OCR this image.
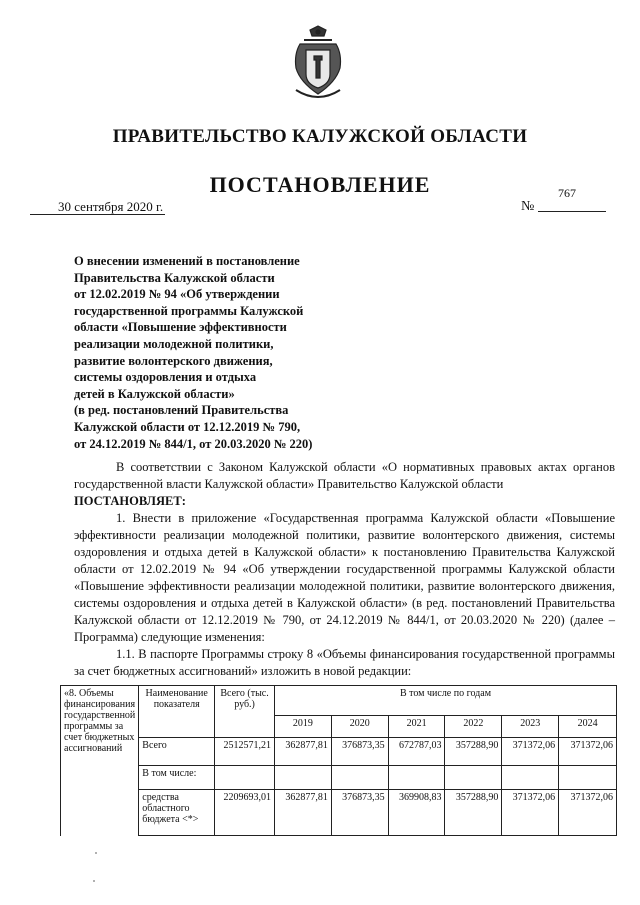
ПРАВИТЕЛЬСТВО КАЛУЖСКОЙ ОБЛАСТИ
ПОСТАНОВЛЕНИЕ
30 сентября 2020 г.	№
767
О внесении изменений в постановление
Правительства Калужской области
от 12.02.2019 № 94 «Об утверждении
государственной программы Калужской
области «Повышение эффективности
реализации молодежной политики,
развитие волонтерского движения,
системы оздоровления и отдыха
детей в Калужской области»
(в ред. постановлений Правительства
Калужской области от 12.12.2019 № 790,
от 24.12.2019 № 844/1, от 20.03.2020 № 220)

В соответствии с Законом Калужской области «О нормативных правовых актах органов государственной власти Калужской области» Правительство Калужской области

ПОСТАНОВЛЯЕТ:

1. Внести в приложение «Государственная программа Калужской области «Повышение эффективности реализации молодежной политики, развитие волонтерского движения, системы оздоровления и отдыха детей в Калужской области» к постановлению Правительства Калужской области от 12.02.2019 № 94 «Об утверждении государственной программы Калужской области «Повышение эффективности реализации молодежной политики, развитие волонтерского движения, системы оздоровления и отдыха детей в Калужской области» (в ред. постановлений Правительства Калужской области от 12.12.2019 № 790, от 24.12.2019 № 844/1, от 20.03.2020 № 220) (далее – Программа) следующие изменения:

1.1. В паспорте Программы строку 8 «Объемы финансирования государственной программы за счет бюджетных ассигнований» изложить в новой редакции:

«8. Объемы финансирования государственной программы за счет бюджетных ассигнований	Наименование показателя	Всего (тыс. руб.)	В том числе по годам					
			2019	2020	2021	2022	2023	2024
	Всего	2512571,21	362877,81	376873,35	672787,03	357288,90	371372,06	371372,06
	В том числе:							
	средства областного бюджета <*>	2209693,01	362877,81	376873,35	369908,83	357288,90	371372,06	371372,06
